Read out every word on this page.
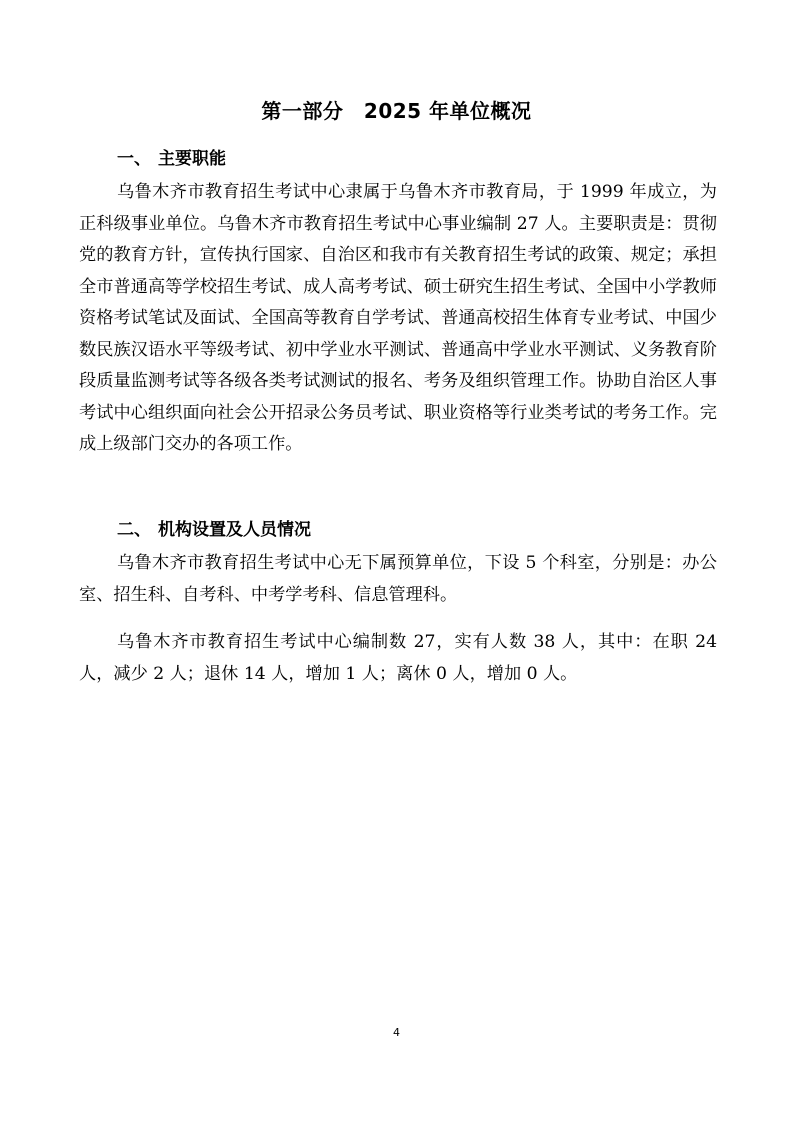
第一部分　2025 年单位概况
一、 主要职能

乌鲁木齐市教育招生考试中心隶属于乌鲁木齐市教育局，于 1999 年成立，为正科级事业单位。乌鲁木齐市教育招生考试中心事业编制 27 人。主要职责是：贯彻党的教育方针，宣传执行国家、自治区和我市有关教育招生考试的政策、规定；承担全市普通高等学校招生考试、成人高考考试、硕士研究生招生考试、全国中小学教师资格考试笔试及面试、全国高等教育自学考试、普通高校招生体育专业考试、中国少数民族汉语水平等级考试、初中学业水平测试、普通高中学业水平测试、义务教育阶段质量监测考试等各级各类考试测试的报名、考务及组织管理工作。协助自治区人事考试中心组织面向社会公开招录公务员考试、职业资格等行业类考试的考务工作。完成上级部门交办的各项工作。

二、 机构设置及人员情况

乌鲁木齐市教育招生考试中心无下属预算单位，下设 5 个科室，分别是：办公室、招生科、自考科、中考学考科、信息管理科。

乌鲁木齐市教育招生考试中心编制数 27，实有人数 38 人，其中：在职 24 人，减少 2 人；退休 14 人，增加 1 人；离休 0 人，增加 0 人。

4
